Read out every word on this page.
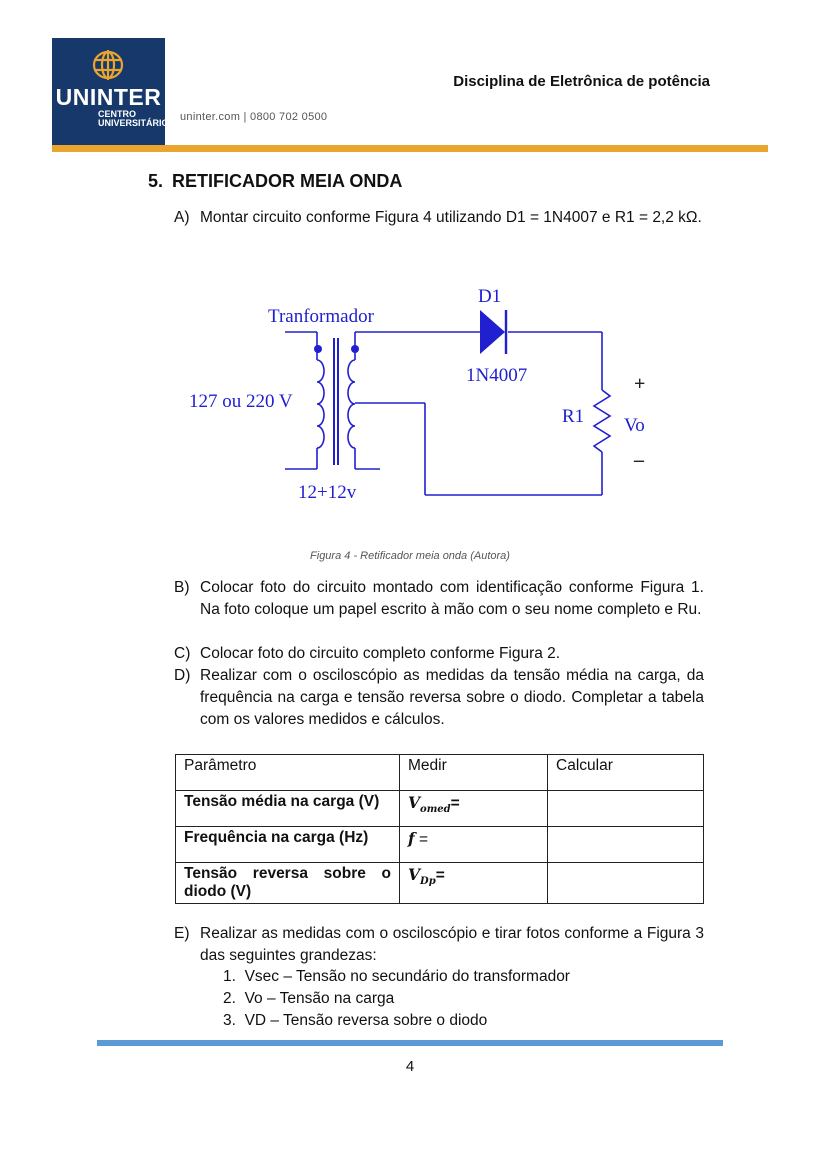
UNINTER
CENTRO
UNIVERSITÁRIO uninter.com | 0800 702 0500
Disciplina de Eletrônica de potência
5. RETIFICADOR MEIA ONDA
A) Montar circuito conforme Figura 4 utilizando D1 = 1N4007 e R1 = 2,2 kΩ.
Tranformador
127 ou 220 V
12+12v
D1
1N4007
R1 Vo
+
–
Figura 4 - Retificador meia onda (Autora)
B) Colocar foto do circuito montado com identificação conforme Figura 1. Na foto coloque um papel escrito à mão com o seu nome completo e Ru.
C) Colocar foto do circuito completo conforme Figura 2.
D) Realizar com o osciloscópio as medidas da tensão média na carga, da frequência na carga e tensão reversa sobre o diodo. Completar a tabela com os valores medidos e cálculos.
Parâmetro	Medir	Calcular
Tensão média na carga (V)	$V_{omed}=$	
Frequência na carga (Hz)	f =	
Tensão reversa sobre o diodo (V)	$V_{Dp}=$	
E) Realizar as medidas com o osciloscópio e tirar fotos conforme a Figura 3 das seguintes grandezas:
1. Vsec – Tensão no secundário do transformador
2. Vo – Tensão na carga
3. VD – Tensão reversa sobre o diodo
4
